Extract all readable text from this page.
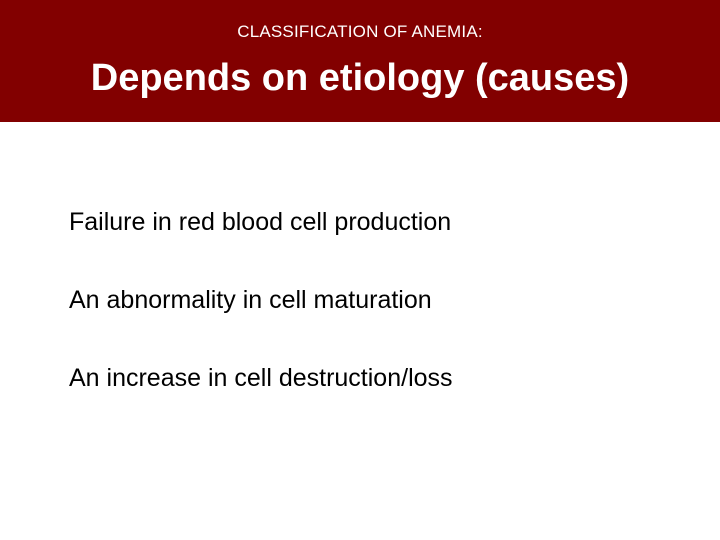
CLASSIFICATION OF ANEMIA:
Depends on etiology (causes)
Failure in red blood cell production
An abnormality in cell maturation
An increase in cell destruction/loss
